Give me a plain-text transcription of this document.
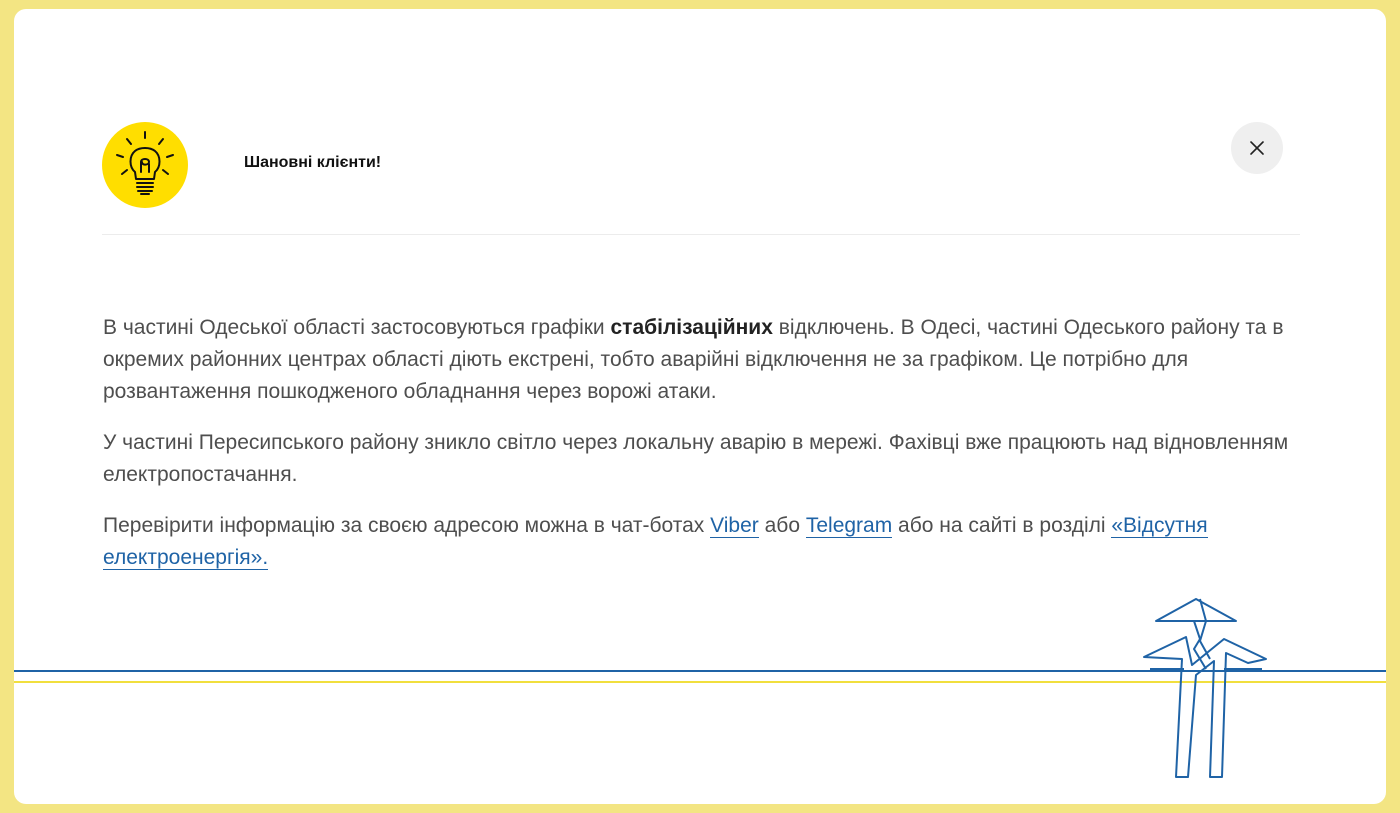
Шановні клієнти!

В частині Одеської області застосовуються графіки стабілізаційних відключень. В Одесі, частині Одеського району та в окремих районних центрах області діють екстрені, тобто аварійні відключення не за графіком. Це потрібно для розвантаження пошкодженого обладнання через ворожі атаки.

У частині Пересипського району зникло світло через локальну аварію в мережі. Фахівці вже працюють над відновленням електропостачання.

Перевірити інформацію за своєю адресою можна в чат-ботах Viber або Telegram або на сайті в розділі «Відсутня електроенергія».
